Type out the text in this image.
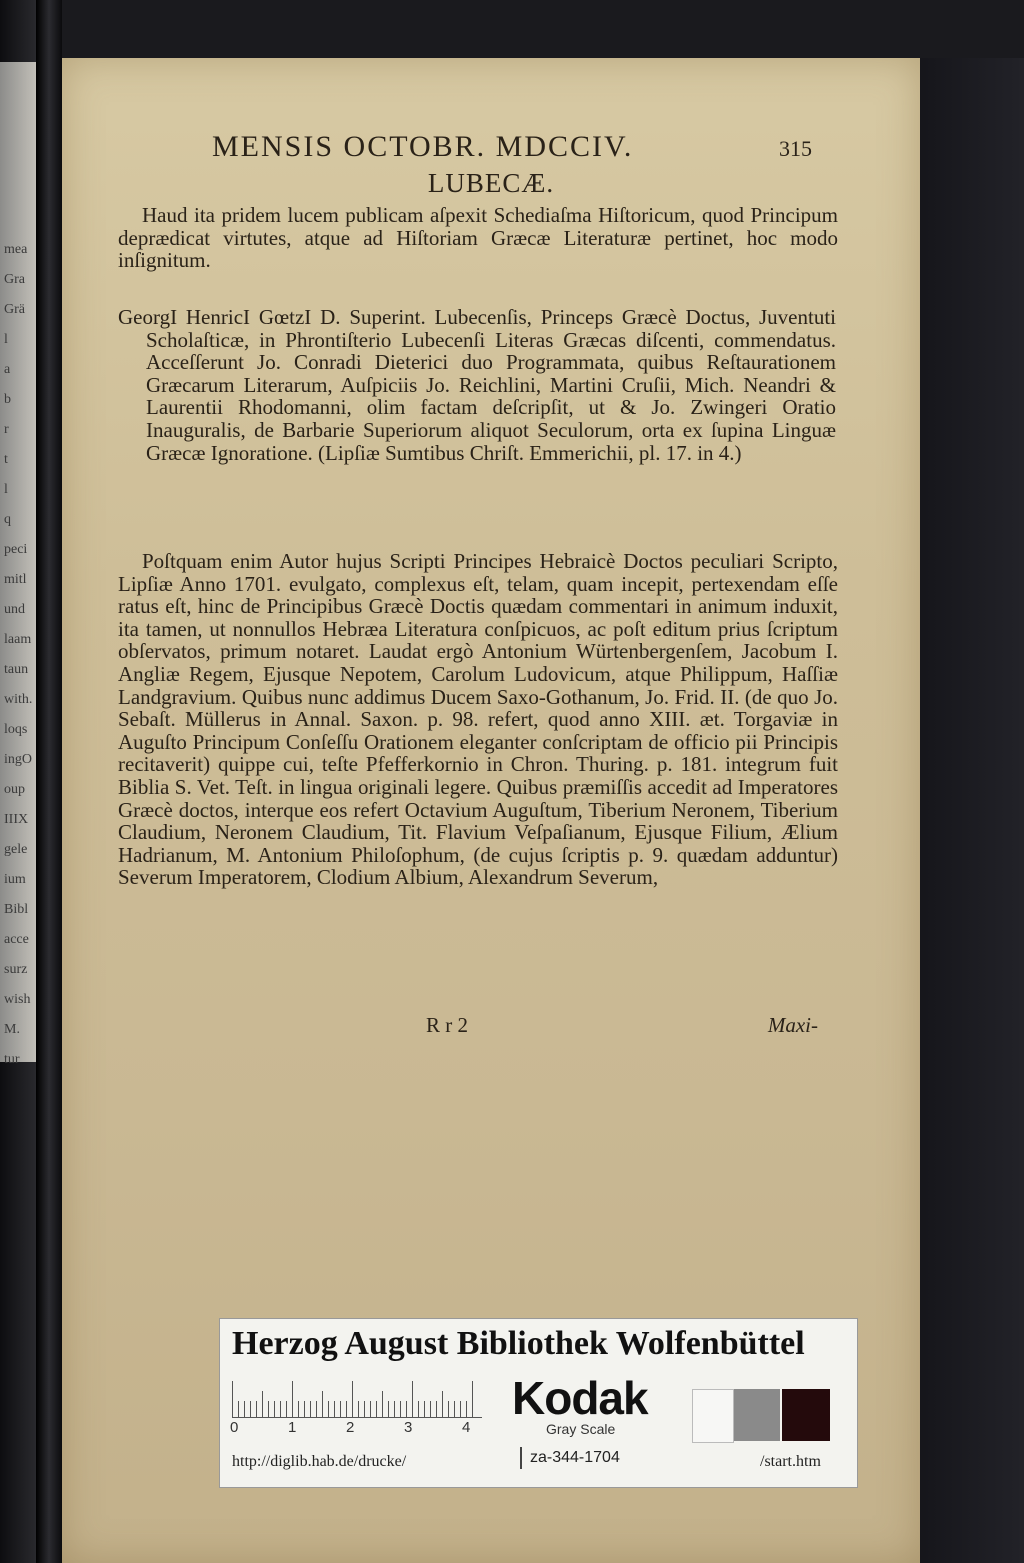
mea
Gra
Grä
l
a
b
r
t
l
q
peci
mitl
und
laam
taun
with.
loqs
ingO
oup
IIIX
gele
ium
Bibl
acce
surz
wish
M.
tur
MENSIS OCTOBR. MDCCIV.	315
LUBECÆ.

Haud ita pridem lucem publicam aſpexit Schediaſma Hiſtoricum, quod Principum deprædicat virtutes, atque ad Hiſtoriam Græcæ Literaturæ pertinet, hoc modo inſignitum.

GeorgI HenricI GœtzI D. Superint. Lubecenſis, Princeps Græcè Doctus, Juventuti Scholaſticæ, in Phrontiſterio Lubecenſi Literas Græcas diſcenti, commendatus. Acceſſerunt Jo. Conradi Dieterici duo Programmata, quibus Reſtaurationem Græcarum Literarum, Auſpiciis Jo. Reichlini, Martini Cruſii, Mich. Neandri & Laurentii Rhodomanni, olim factam deſcripſit, ut & Jo. Zwingeri Oratio Inauguralis, de Barbarie Superiorum aliquot Seculorum, orta ex ſupina Linguæ Græcæ Ignoratione. (Lipſiæ Sumtibus Chriſt. Emmerichii, pl. 17. in 4.)

Poſtquam enim Autor hujus Scripti Principes Hebraicè Doctos peculiari Scripto, Lipſiæ Anno 1701. evulgato, complexus eſt, telam, quam incepit, pertexendam eſſe ratus eſt, hinc de Principibus Græcè Doctis quædam commentari in animum induxit, ita tamen, ut nonnullos Hebræa Literatura conſpicuos, ac poſt editum prius ſcriptum obſervatos, primum notaret. Laudat ergò Antonium Würtenbergenſem, Jacobum I. Angliæ Regem, Ejusque Nepotem, Carolum Ludovicum, atque Philippum, Haſſiæ Landgravium. Quibus nunc addimus Ducem Saxo-Gothanum, Jo. Frid. II. (de quo Jo. Sebaſt. Müllerus in Annal. Saxon. p. 98. refert, quod anno XIII. æt. Torgaviæ in Auguſto Principum Conſeſſu Orationem eleganter conſcriptam de officio pii Principis recitaverit) quippe cui, teſte Pfefferkornio in Chron. Thuring. p. 181. integrum fuit Biblia S. Vet. Teſt. in lingua originali legere. Quibus præmiſſis accedit ad Imperatores Græcè doctos, interque eos refert Octavium Auguſtum, Tiberium Neronem, Tiberium Claudium, Neronem Claudium, Tit. Flavium Veſpaſianum, Ejusque Filium, Ælium Hadrianum, M. Antonium Philoſophum, (de cujus ſcriptis p. 9. quædam adduntur) Severum Imperatorem, Clodium Albium, Alexandrum Severum,

R r 2	Maxi-
Herzog August Bibliothek Wolfenbüttel
0	1	2	3	4
Kodak
Gray Scale
http://diglib.hab.de/drucke/	za-344-1704	/start.htm
